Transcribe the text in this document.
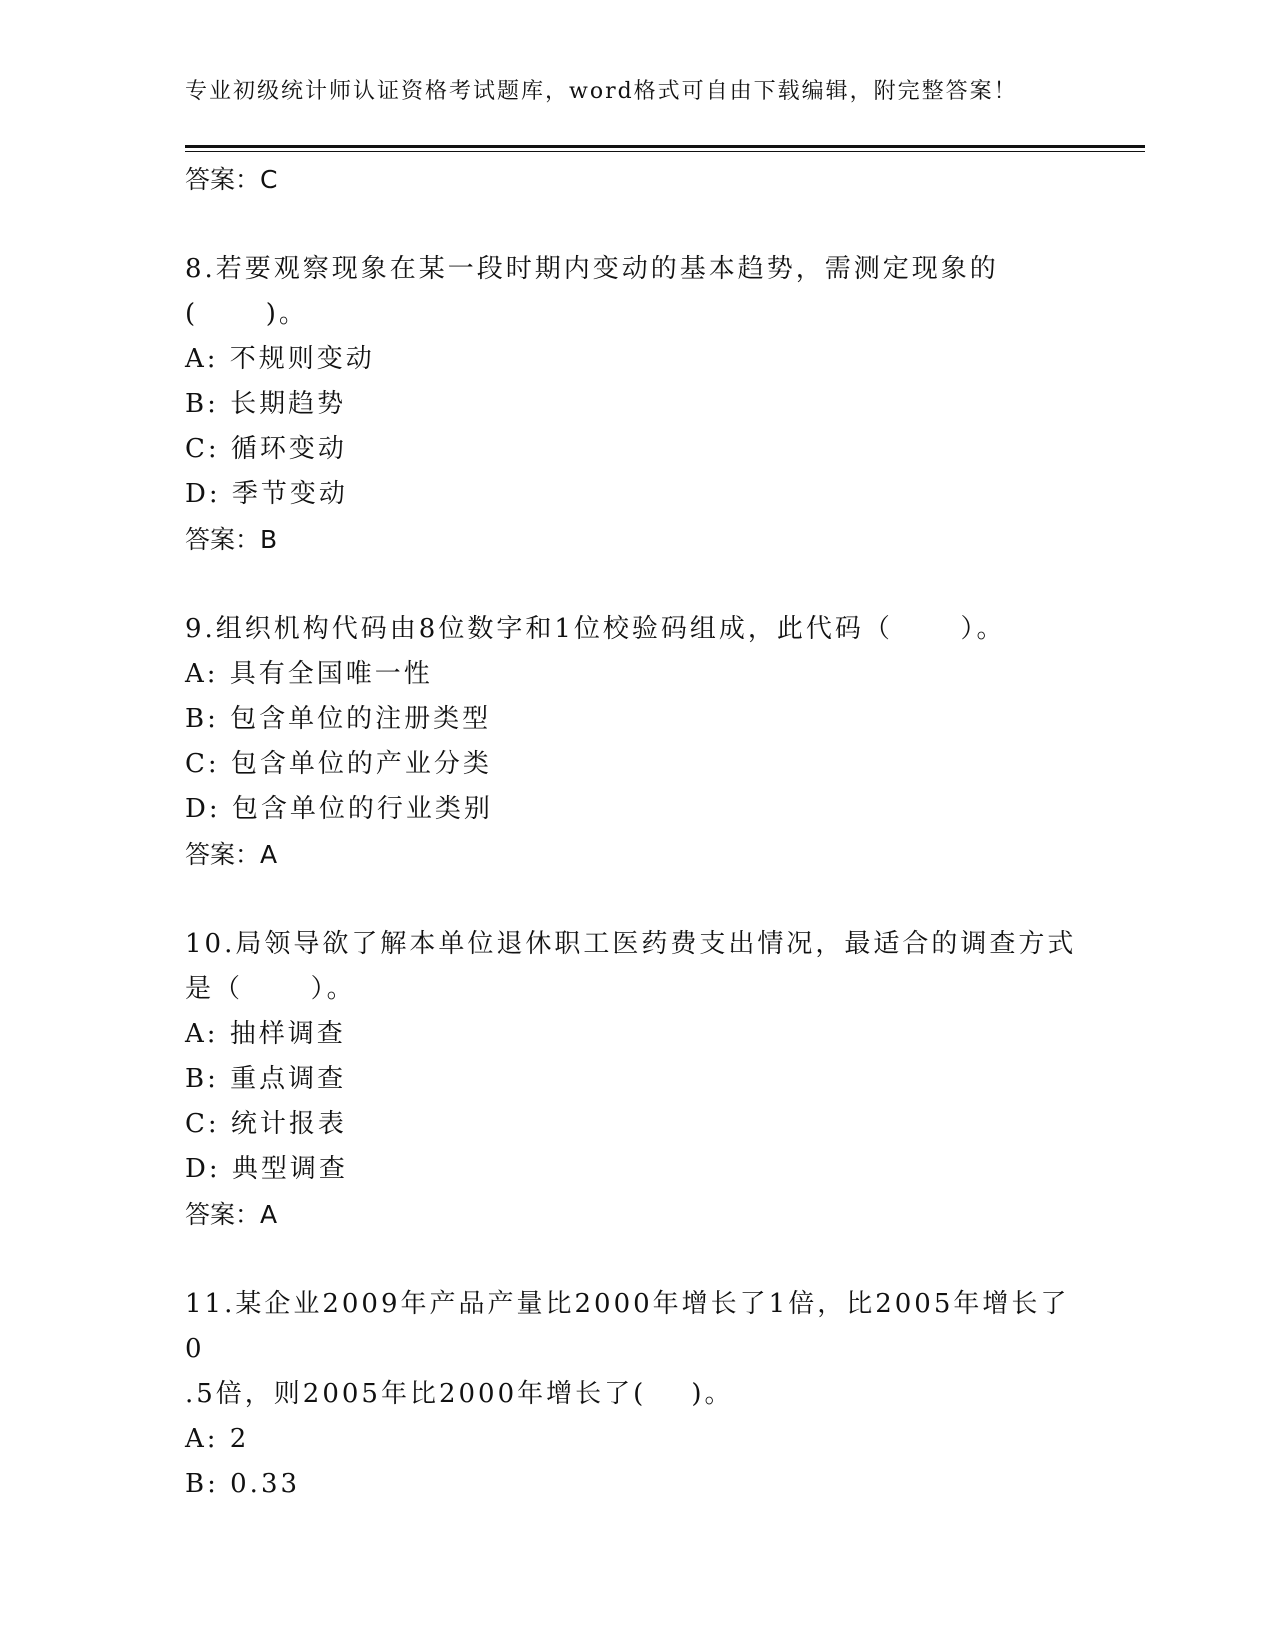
专业初级统计师认证资格考试题库，word格式可自由下载编辑，附完整答案！
答案：C
8.若要观察现象在某一段时期内变动的基本趋势，需测定现象的
(      )。
A: 不规则变动
B: 长期趋势
C: 循环变动
D: 季节变动
答案：B
9.组织机构代码由8位数字和1位校验码组成，此代码（      ）。
A: 具有全国唯一性
B: 包含单位的注册类型
C: 包含单位的产业分类
D: 包含单位的行业类别
答案：A
10.局领导欲了解本单位退休职工医药费支出情况，最适合的调查方式
是（      ）。
A: 抽样调查
B: 重点调查
C: 统计报表
D: 典型调查
答案：A
11.某企业2009年产品产量比2000年增长了1倍，比2005年增长了0
.5倍，则2005年比2000年增长了(    )。
A: 2
B: 0.33
